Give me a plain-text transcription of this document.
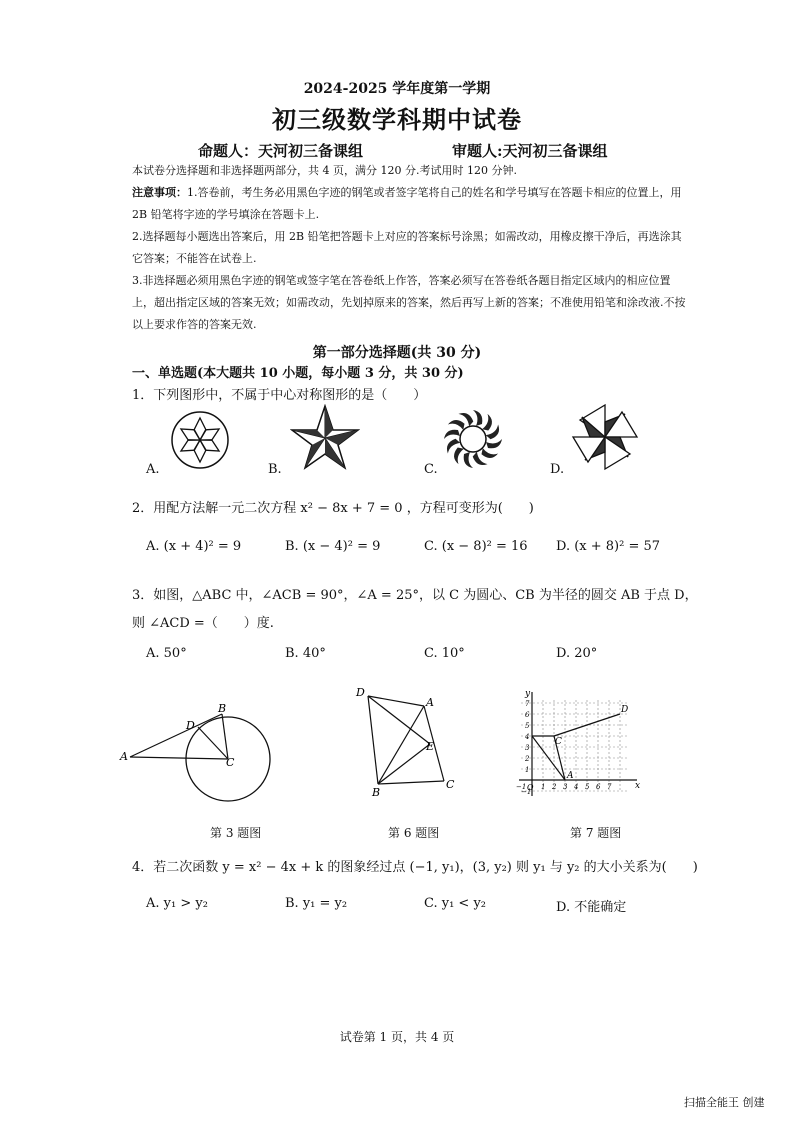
2024-2025 学年度第一学期
初三级数学科期中试卷
命题人：天河初三备课组	审题人:天河初三备课组
本试卷分选择题和非选择题两部分，共 4 页，满分 120 分.考试用时 120 分钟.
注意事项：1.答卷前，考生务必用黑色字迹的钢笔或者签字笔将自己的姓名和学号填写在答题卡相应的位置上，用 2B 铅笔将字迹的学号填涂在答题卡上.
2.选择题每小题选出答案后，用 2B 铅笔把答题卡上对应的答案标号涂黑；如需改动，用橡皮擦干净后，再选涂其它答案；不能答在试卷上.
3.非选择题必须用黑色字迹的钢笔或签字笔在答卷纸上作答，答案必须写在答卷纸各题目指定区域内的相应位置上，超出指定区域的答案无效；如需改动，先划掉原来的答案，然后再写上新的答案；不准使用铅笔和涂改液.不按以上要求作答的答案无效.
第一部分选择题(共 30 分)
一、单选题(本大题共 10 小题，每小题 3 分，共 30 分)
1．下列图形中，不属于中心对称图形的是（　　）
A.	B.	C.	D.
2．用配方法解一元二次方程 x² − 8x + 7 = 0 ，方程可变形为(　　)
A. (x + 4)² = 9	B. (x − 4)² = 9	C. (x − 8)² = 16 D. (x + 8)² = 57
3．如图，△ABC 中，∠ACB = 90°，∠A = 25°，以 C 为圆心、CB 为半径的圆交 AB 于点 D，
则 ∠ACD =（　　）度.
A. 50°	B. 40°	C. 10°	D. 20°
A
B
C
D
D
A
B
C
E
y
x
O
C
D
A
−1 1 2 3 4 5 6 7
−1
1
2
3
4
5
6
7
第 3 题图	第 6 题图	第 7 题图
4．若二次函数 y = x² − 4x + k 的图象经过点 (−1, y₁)，(3, y₂) 则 y₁ 与 y₂ 的大小关系为(　　)
A. y₁ > y₂	B. y₁ = y₂	C. y₁ < y₂	D. 不能确定
试卷第 1 页，共 4 页
扫描全能王 创建
